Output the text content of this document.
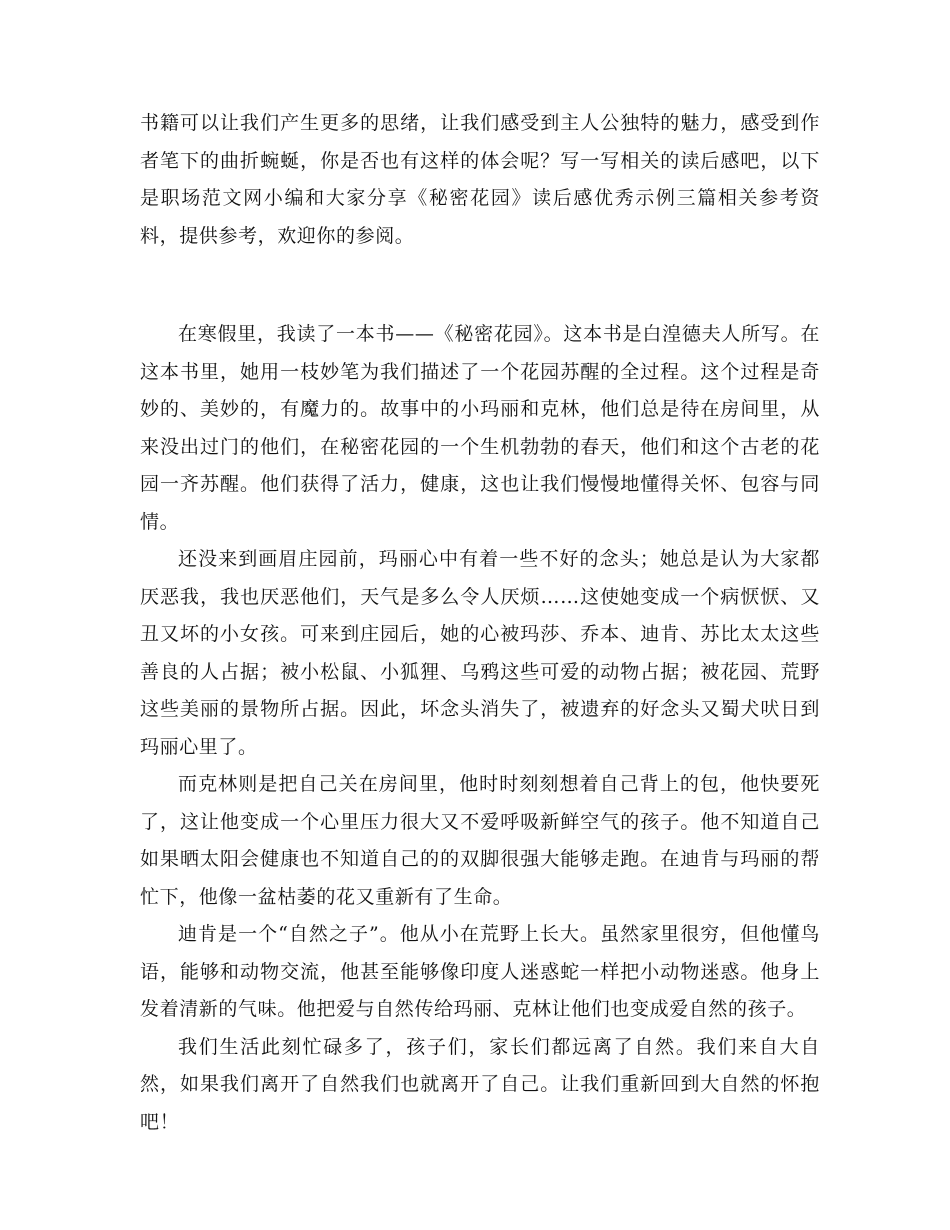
书籍可以让我们产生更多的思绪，让我们感受到主人公独特的魅力，感受到作者笔下的曲折蜿蜒，你是否也有这样的体会呢？写一写相关的读后感吧，以下是职场范文网小编和大家分享《秘密花园》读后感优秀示例三篇相关参考资料，提供参考，欢迎你的参阅。

在寒假里，我读了一本书——《秘密花园》。这本书是白湟德夫人所写。在这本书里，她用一枝妙笔为我们描述了一个花园苏醒的全过程。这个过程是奇妙的、美妙的，有魔力的。故事中的小玛丽和克林，他们总是待在房间里，从来没出过门的他们，在秘密花园的一个生机勃勃的春天，他们和这个古老的花园一齐苏醒。他们获得了活力，健康，这也让我们慢慢地懂得关怀、包容与同情。

还没来到画眉庄园前，玛丽心中有着一些不好的念头；她总是认为大家都厌恶我，我也厌恶他们，天气是多么令人厌烦……这使她变成一个病恹恹、又丑又坏的小女孩。可来到庄园后，她的心被玛莎、乔本、迪肯、苏比太太这些善良的人占据；被小松鼠、小狐狸、乌鸦这些可爱的动物占据；被花园、荒野这些美丽的景物所占据。因此，坏念头消失了，被遗弃的好念头又蜀犬吠日到玛丽心里了。

而克林则是把自己关在房间里，他时时刻刻想着自己背上的包，他快要死了，这让他变成一个心里压力很大又不爱呼吸新鲜空气的孩子。他不知道自己如果晒太阳会健康也不知道自己的的双脚很强大能够走跑。在迪肯与玛丽的帮忙下，他像一盆枯萎的花又重新有了生命。

迪肯是一个“自然之子”。他从小在荒野上长大。虽然家里很穷，但他懂鸟语，能够和动物交流，他甚至能够像印度人迷惑蛇一样把小动物迷惑。他身上发着清新的气味。他把爱与自然传给玛丽、克林让他们也变成爱自然的孩子。

我们生活此刻忙碌多了，孩子们，家长们都远离了自然。我们来自大自然，如果我们离开了自然我们也就离开了自己。让我们重新回到大自然的怀抱吧！
